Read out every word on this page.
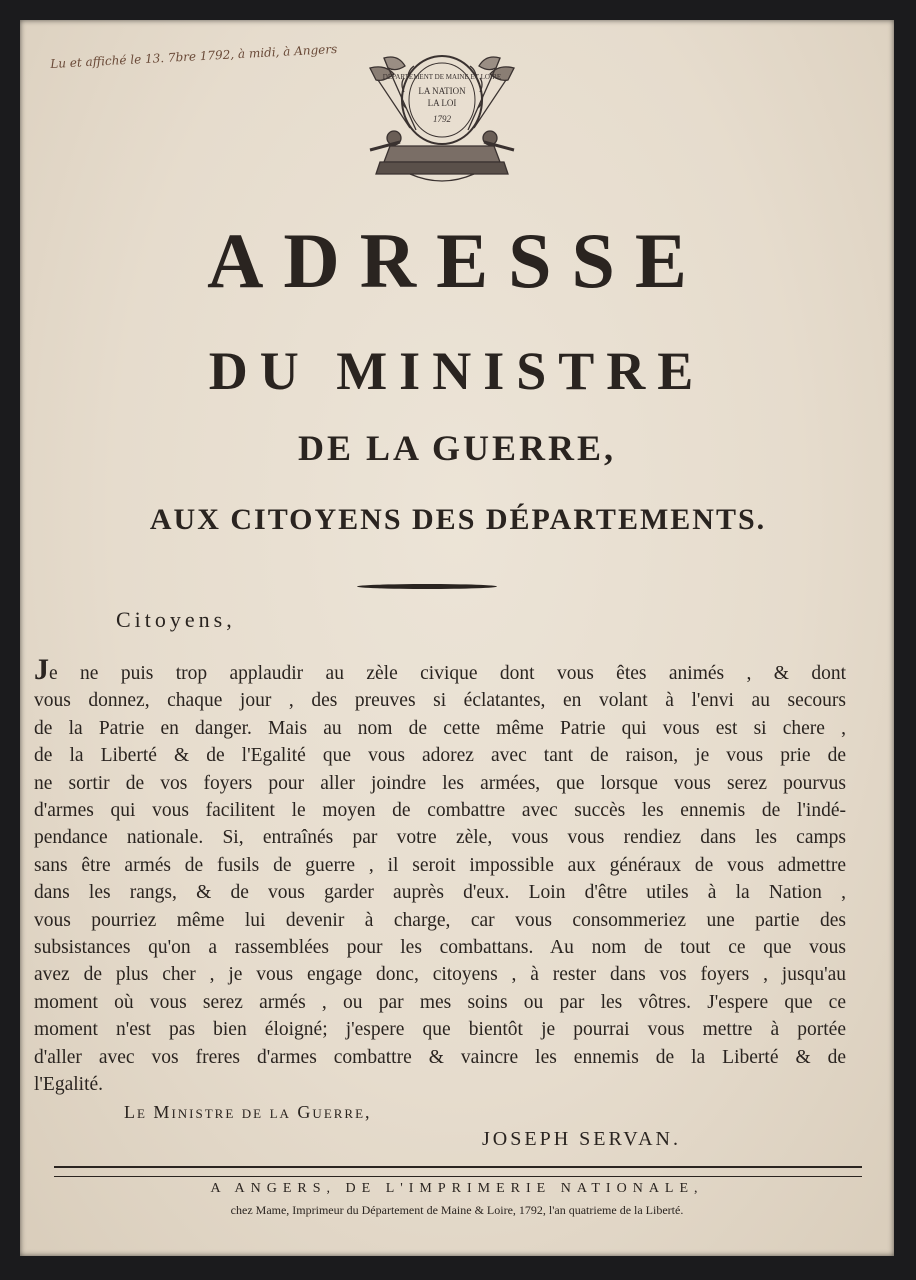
Lu et affiché le 13. 7bre 1792, à midi, à Angers
DÉPARTEMENT DE MAINE ET LOIRE
LA NATION
LA LOI
1792
ADRESSE
DU MINISTRE
DE LA GUERRE,
AUX CITOYENS DES DÉPARTEMENTS.
Citoyens,
Je ne puis trop applaudir au zèle civique dont vous êtes animés , & dont
vous donnez, chaque jour , des preuves si éclatantes, en volant à l'envi au secours
de la Patrie en danger. Mais au nom de cette même Patrie qui vous est si chere ,
de la Liberté & de l'Egalité que vous adorez avec tant de raison, je vous prie de
ne sortir de vos foyers pour aller joindre les armées, que lorsque vous serez pourvus
d'armes qui vous facilitent le moyen de combattre avec succès les ennemis de l'indé-
pendance nationale. Si, entraînés par votre zèle, vous vous rendiez dans les camps
sans être armés de fusils de guerre , il seroit impossible aux généraux de vous admettre
dans les rangs, & de vous garder auprès d'eux. Loin d'être utiles à la Nation ,
vous pourriez même lui devenir à charge, car vous consommeriez une partie des
subsistances qu'on a rassemblées pour les combattans. Au nom de tout ce que vous
avez de plus cher , je vous engage donc, citoyens , à rester dans vos foyers , jusqu'au
moment où vous serez armés , ou par mes soins ou par les vôtres. J'espere que ce
moment n'est pas bien éloigné; j'espere que bientôt je pourrai vous mettre à portée
d'aller avec vos freres d'armes combattre & vaincre les ennemis de la Liberté & de
l'Egalité.
Le Ministre de la Guerre,
JOSEPH SERVAN.
A ANGERS, DE L'IMPRIMERIE NATIONALE,
chez Mame, Imprimeur du Département de Maine & Loire, 1792, l'an quatrieme de la Liberté.
